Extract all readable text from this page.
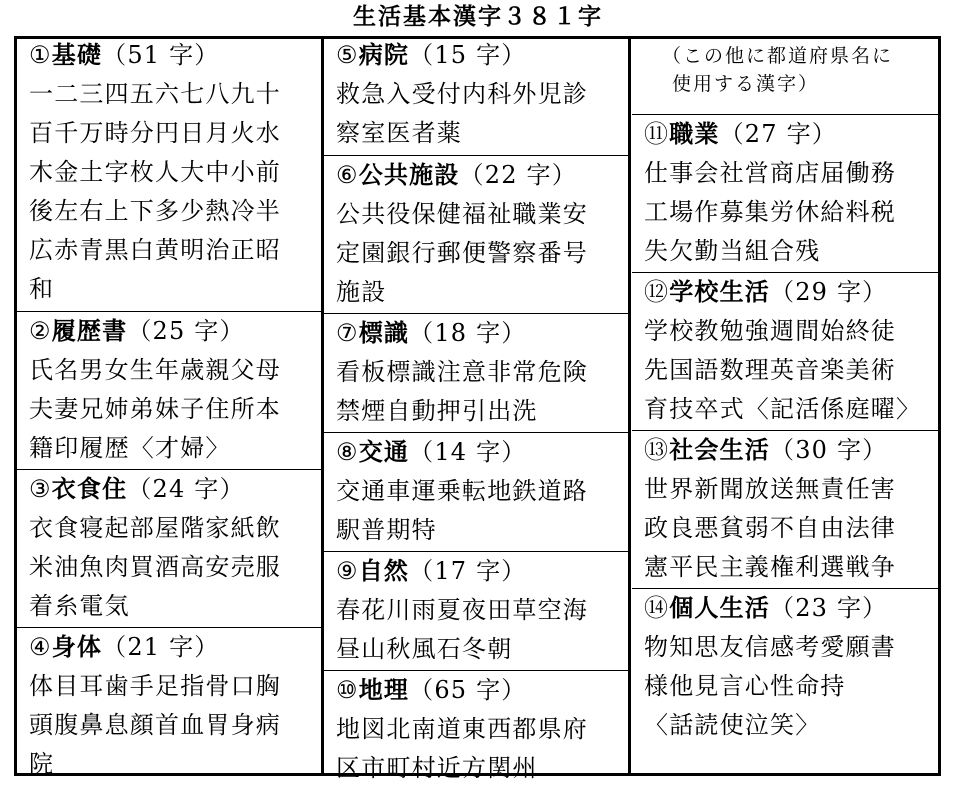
生活基本漢字３８１字
①基礎（51 字）
一二三四五六七八九十
百千万時分円日月火水
木金土字枚人大中小前
後左右上下多少熱冷半
広赤青黒白黄明治正昭
和
②履歴書（25 字）
氏名男女生年歳親父母
夫妻兄姉弟妹子住所本
籍印履歴〈才婦〉
③衣食住（24 字）
衣食寝起部屋階家紙飲
米油魚肉買酒高安売服
着糸電気
④身体（21 字）
体目耳歯手足指骨口胸
頭腹鼻息顔首血胃身病
院
⑤病院（15 字）
救急入受付内科外児診
察室医者薬
⑥公共施設（22 字）
公共役保健福祉職業安
定園銀行郵便警察番号
施設
⑦標識（18 字）
看板標識注意非常危険
禁煙自動押引出洗
⑧交通（14 字）
交通車運乗転地鉄道路
駅普期特
⑨自然（17 字）
春花川雨夏夜田草空海
昼山秋風石冬朝
⑩地理（65 字）
地図北南道東西都県府
区市町村近方関州
（この他に都道府県名に
使用する漢字）
⑪職業（27 字）
仕事会社営商店届働務
工場作募集労休給料税
失欠勤当組合残
⑫学校生活（29 字）
学校教勉強週間始終徒
先国語数理英音楽美術
育技卒式〈記活係庭曜〉
⑬社会生活（30 字）
世界新聞放送無責任害
政良悪貧弱不自由法律
憲平民主義権利選戦争
⑭個人生活（23 字）
物知思友信感考愛願書
様他見言心性命持
〈話読使泣笑〉
